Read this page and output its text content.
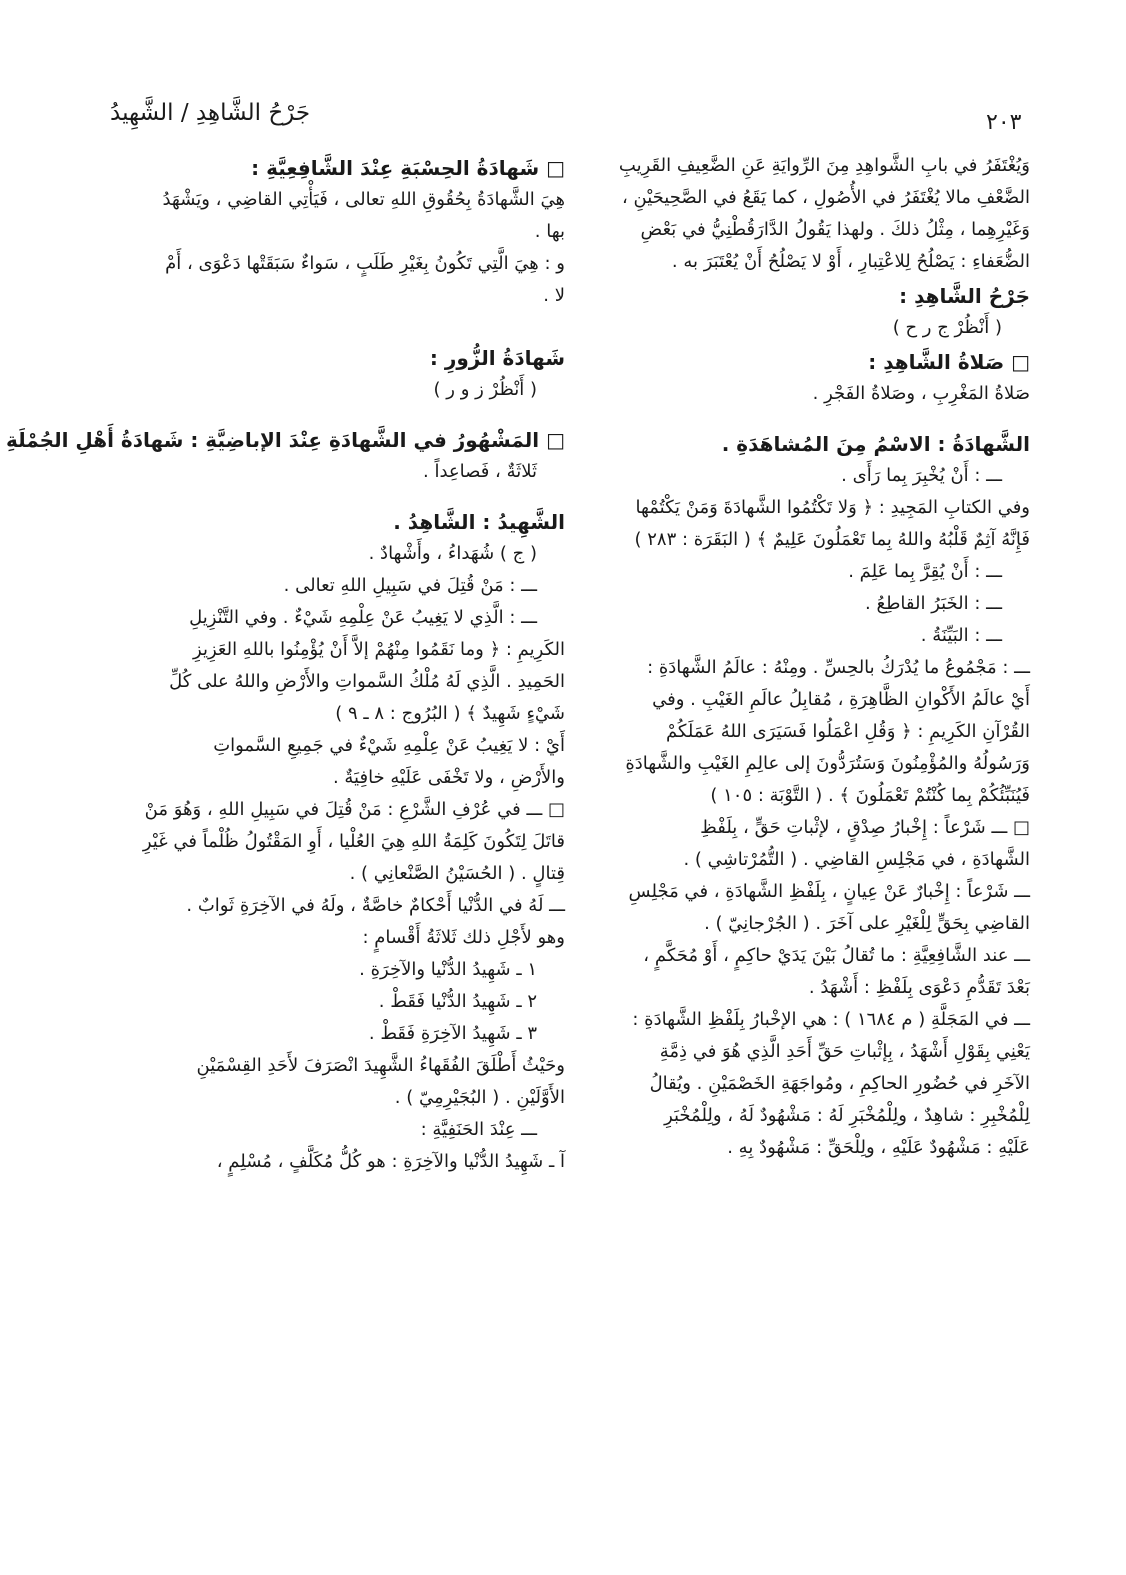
جَرْحُ الشَّاهِدِ / الشَّهِيدُ	٢٠٣
وَيُغْتَفَرُ في بابِ الشَّواهِدِ مِنَ الرِّوايَةِ عَنِ الضَّعِيفِ القَرِيبِ
الضَّعْفِ مالا يُغْتَفَرُ في الأُصُولِ ، كما يَقَعُ في الصَّحِيحَيْنِ ،
وَغَيْرِهِما ، مِثْلُ ذلكَ . ولهذا يَقُولُ الدَّارَقُطْنِيُّ في بَعْضِ
الضُّعَفاءِ : يَصْلُحُ لِلاعْتِبارِ ، أَوْ لا يَصْلُحُ أَنْ يُعْتَبَرَ به .
جَرْحُ الشَّاهِدِ :
( أَنْظُرْ ج ر ح )
□ صَلاةُ الشَّاهِدِ :
صَلاةُ المَغْرِبِ ، وصَلاةُ الفَجْرِ .
الشَّهادَةُ : الاسْمُ مِنَ المُشاهَدَةِ .
ـــ : أَنْ يُخْبِرَ بِما رَأَى .
وفي الكتابِ المَجِيدِ : ﴿ وَلا تَكْتُمُوا الشَّهادَةَ وَمَنْ يَكْتُمْها
فَإِنَّهُ آثِمٌ قَلْبُهُ واللهُ بِما تَعْمَلُونَ عَلِيمٌ ﴾ ( البَقَرَة : ٢٨٣ )
ـــ : أَنْ يُقِرَّ بِما عَلِمَ .
ـــ : الخَبَرُ القاطِعُ .
ـــ : البَيِّنَةُ .
ـــ : مَجْمُوعُ ما يُدْرَكُ بالحِسِّ . ومِنْهُ : عالَمُ الشَّهادَةِ :
أَيْ عالَمُ الأَكْوانِ الظَّاهِرَةِ ، مُقابِلُ عالَمِ الغَيْبِ . وفي
القُرْآنِ الكَرِيمِ : ﴿ وَقُلِ اعْمَلُوا فَسَيَرَى اللهُ عَمَلَكُمْ
وَرَسُولُهُ والمُؤْمِنُونَ وَسَتُرَدُّونَ إلى عالِمِ الغَيْبِ والشَّهادَةِ
فَيُنَبِّئُكُمْ بِما كُنْتُمْ تَعْمَلُونَ ﴾ . ( التَّوْبَة : ١٠٥ )
□ ـــ شَرْعاً : إِخْبارُ صِدْقٍ ، لإثْباتِ حَقٍّ ، بِلَفْظِ
الشَّهادَةِ ، في مَجْلِسِ القاضِي . ( التُّمُرْتاشِي ) .
ـــ شَرْعاً : إِخْبارٌ عَنْ عِيانٍ ، بِلَفْظِ الشَّهادَةِ ، في مَجْلِسِ
القاضِي بِحَقٍّ لِلْغَيْرِ على آخَرَ . ( الجُرْجانِيّ ) .
ـــ عند الشَّافِعِيَّةِ : ما تُقالُ بَيْنَ يَدَيْ حاكِمٍ ، أَوْ مُحَكَّمٍ ،
بَعْدَ تَقَدُّمِ دَعْوَى بِلَفْظِ : أَشْهَدُ .
ـــ في المَجَلَّةِ ( م ١٦٨٤ ) : هي الإخْبارُ بِلَفْظِ الشَّهادَةِ :
يَعْنِي بِقَوْلِ أَشْهَدُ ، بِإثْباتِ حَقِّ أَحَدِ الَّذِي هُوَ في ذِمَّةِ
الآخَرِ في حُضُورِ الحاكِمِ ، ومُواجَهَةِ الخَصْمَيْنِ . ويُقالُ
لِلْمُخْبِرِ : شاهِدٌ ، ولِلْمُخْبَرِ لَهُ : مَشْهُودٌ لَهُ ، ولِلْمُخْبَرِ
عَلَيْهِ : مَشْهُودٌ عَلَيْهِ ، ولِلْحَقِّ : مَشْهُودٌ بِهِ .
□ شَهادَةُ الحِسْبَةِ عِنْدَ الشَّافِعِيَّةِ :
هِيَ الشَّهادَةُ بِحُقُوقِ اللهِ تعالى ، فَيَأْتِي القاضِي ، ويَشْهَدُ
بها .
و : هِيَ الَّتِي تَكُونُ بِغَيْرِ طَلَبٍ ، سَواءٌ سَبَقَتْها دَعْوَى ، أَمْ
لا .
شَهادَةُ الزُّورِ :
( أَنْظُرْ ز و ر )
□ المَشْهُورُ في الشَّهادَةِ عِنْدَ الإباضِيَّةِ : شَهادَةُ أَهْلِ الجُمْلَةِ
ثَلاثَةٌ ، فَصاعِداً .
الشَّهِيدُ : الشَّاهِدُ .
( ج ) شُهَداءُ ، وأَشْهادٌ .
ـــ : مَنْ قُتِلَ في سَبِيلِ اللهِ تعالى .
ـــ : الَّذِي لا يَغِيبُ عَنْ عِلْمِهِ شَيْءٌ . وفي التَّنْزِيلِ
الكَرِيمِ : ﴿ وما نَقَمُوا مِنْهُمْ إلاَّ أَنْ يُؤْمِنُوا باللهِ العَزِيزِ
الحَمِيدِ . الَّذِي لَهُ مُلْكُ السَّمواتِ والأَرْضِ واللهُ على كُلِّ
شَيْءٍ شَهِيدٌ ﴾ ( البُرُوج : ٨ ـ ٩ )
أَيْ : لا يَغِيبُ عَنْ عِلْمِهِ شَيْءٌ في جَمِيعِ السَّمواتِ
والأَرْضِ ، ولا تَخْفَى عَلَيْهِ خافِيَةٌ .
□ ـــ في عُرْفِ الشَّرْعِ : مَنْ قُتِلَ في سَبِيلِ اللهِ ، وَهُوَ مَنْ
قاتَلَ لِتَكُونَ كَلِمَةُ اللهِ هِيَ العُلْيا ، أَوِ المَقْتُولُ ظُلْماً في غَيْرِ
قِتالٍ . ( الحُسَيْنُ الصَّنْعانِي ) .
ـــ لَهُ في الدُّنْيا أَحْكامٌ خاصَّةٌ ، ولَهُ في الآخِرَةِ ثَوابٌ .
وهو لأَجْلِ ذلك ثَلاثَةُ أَقْسامٍ :
١ ـ شَهِيدُ الدُّنْيا والآخِرَةِ .
٢ ـ شَهِيدُ الدُّنْيا فَقَطْ .
٣ ـ شَهِيدُ الآخِرَةِ فَقَطْ .
وحَيْثُ أَطْلَقَ الفُقَهاءُ الشَّهِيدَ انْصَرَفَ لأَحَدِ القِسْمَيْنِ
الأَوَّلَيْنِ . ( البُجَيْرِمِيّ ) .
ـــ عِنْدَ الحَنَفِيَّةِ :
آ ـ شَهِيدُ الدُّنْيا والآخِرَةِ : هو كُلُّ مُكَلَّفٍ ، مُسْلِمٍ ،
